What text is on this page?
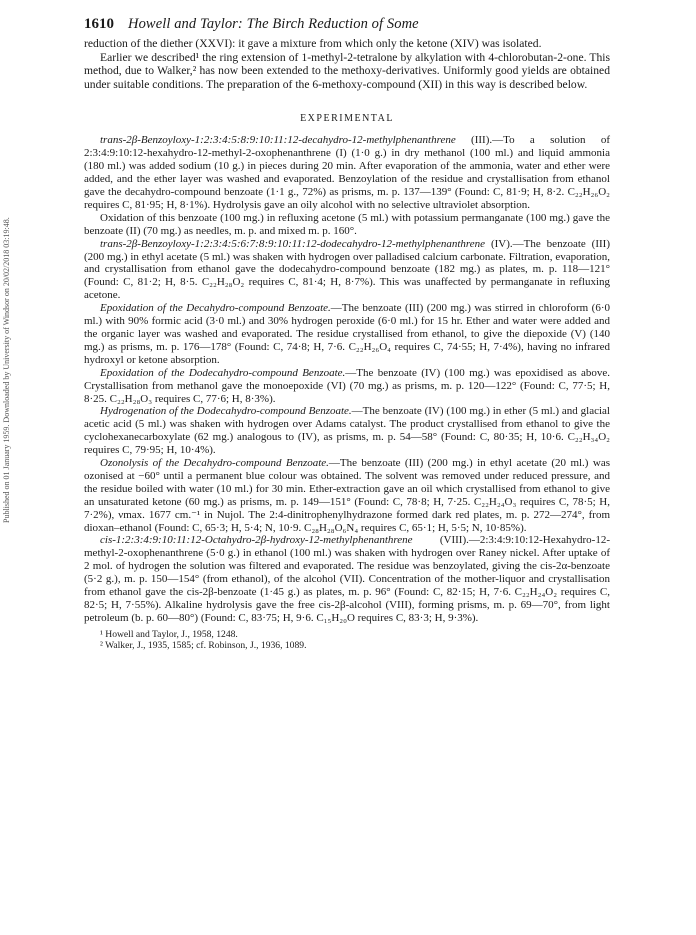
Published on 01 January 1959. Downloaded by University of Windsor on 20/02/2018 03:19:48.
1610 Howell and Taylor: The Birch Reduction of Some

reduction of the diether (XXVI): it gave a mixture from which only the ketone (XIV) was isolated.

Earlier we described¹ the ring extension of 1-methyl-2-tetralone by alkylation with 4-chlorobutan-2-one. This method, due to Walker,² has now been extended to the methoxy-derivatives. Uniformly good yields are obtained under suitable conditions. The preparation of the 6-methoxy-compound (XII) in this way is described below.

EXPERIMENTAL

trans-2β-Benzoyloxy-1:2:3:4:5:8:9:10:11:12-decahydro-12-methylphenanthrene (III).—To a solution of 2:3:4:9:10:12-hexahydro-12-methyl-2-oxophenanthrene (I) (1·0 g.) in dry methanol (100 ml.) and liquid ammonia (180 ml.) was added sodium (10 g.) in pieces during 20 min. After evaporation of the ammonia, water and ether were added, and the ether layer was washed and evaporated. Benzoylation of the residue and crystallisation from ethanol gave the decahydro-compound benzoate (1·1 g., 72%) as prisms, m. p. 137—139° (Found: C, 81·9; H, 8·2. C₂₂H₂₆O₂ requires C, 81·95; H, 8·1%). Hydrolysis gave an oily alcohol with no selective ultraviolet absorption.

Oxidation of this benzoate (100 mg.) in refluxing acetone (5 ml.) with potassium permanganate (100 mg.) gave the benzoate (II) (70 mg.) as needles, m. p. and mixed m. p. 160°.

trans-2β-Benzoyloxy-1:2:3:4:5:6:7:8:9:10:11:12-dodecahydro-12-methylphenanthrene (IV).—The benzoate (III) (200 mg.) in ethyl acetate (5 ml.) was shaken with hydrogen over palladised calcium carbonate. Filtration, evaporation, and crystallisation from ethanol gave the dodecahydro-compound benzoate (182 mg.) as plates, m. p. 118—121° (Found: C, 81·2; H, 8·5. C₂₂H₂₈O₂ requires C, 81·4; H, 8·7%). This was unaffected by permanganate in refluxing acetone.

Epoxidation of the Decahydro-compound Benzoate.—The benzoate (III) (200 mg.) was stirred in chloroform (6·0 ml.) with 90% formic acid (3·0 ml.) and 30% hydrogen peroxide (6·0 ml.) for 15 hr. Ether and water were added and the organic layer was washed and evaporated. The residue crystallised from ethanol, to give the diepoxide (V) (140 mg.) as prisms, m. p. 176—178° (Found: C, 74·8; H, 7·6. C₂₂H₂₆O₄ requires C, 74·55; H, 7·4%), having no infrared hydroxyl or ketone absorption.

Epoxidation of the Dodecahydro-compound Benzoate.—The benzoate (IV) (100 mg.) was epoxidised as above. Crystallisation from methanol gave the monoepoxide (VI) (70 mg.) as prisms, m. p. 120—122° (Found: C, 77·5; H, 8·25. C₂₂H₂₈O₃ requires C, 77·6; H, 8·3%).

Hydrogenation of the Dodecahydro-compound Benzoate.—The benzoate (IV) (100 mg.) in ether (5 ml.) and glacial acetic acid (5 ml.) was shaken with hydrogen over Adams catalyst. The product crystallised from ethanol to give the cyclohexanecarboxylate (62 mg.) analogous to (IV), as prisms, m. p. 54—58° (Found: C, 80·35; H, 10·6. C₂₂H₃₄O₂ requires C, 79·95; H, 10·4%).

Ozonolysis of the Decahydro-compound Benzoate.—The benzoate (III) (200 mg.) in ethyl acetate (20 ml.) was ozonised at −60° until a permanent blue colour was obtained. The solvent was removed under reduced pressure, and the residue boiled with water (10 ml.) for 30 min. Ether-extraction gave an oil which crystallised from ethanol to give an unsaturated ketone (60 mg.) as prisms, m. p. 149—151° (Found: C, 78·8; H, 7·25. C₂₂H₂₄O₃ requires C, 78·5; H, 7·2%), νmax. 1677 cm.⁻¹ in Nujol. The 2:4-dinitrophenylhydrazone formed dark red plates, m. p. 272—274°, from dioxan–ethanol (Found: C, 65·3; H, 5·4; N, 10·9. C₂₈H₂₈O₆N₄ requires C, 65·1; H, 5·5; N, 10·85%).

cis-1:2:3:4:9:10:11:12-Octahydro-2β-hydroxy-12-methylphenanthrene (VIII).—2:3:4:9:10:12-Hexahydro-12-methyl-2-oxophenanthrene (5·0 g.) in ethanol (100 ml.) was shaken with hydrogen over Raney nickel. After uptake of 2 mol. of hydrogen the solution was filtered and evaporated. The residue was benzoylated, giving the cis-2α-benzoate (5·2 g.), m. p. 150—154° (from ethanol), of the alcohol (VII). Concentration of the mother-liquor and crystallisation from ethanol gave the cis-2β-benzoate (1·45 g.) as plates, m. p. 96° (Found: C, 82·15; H, 7·6. C₂₂H₂₄O₂ requires C, 82·5; H, 7·55%). Alkaline hydrolysis gave the free cis-2β-alcohol (VIII), forming prisms, m. p. 69—70°, from light petroleum (b. p. 60—80°) (Found: C, 83·75; H, 9·6. C₁₅H₂₀O requires C, 83·3; H, 9·3%).

¹ Howell and Taylor, J., 1958, 1248.
² Walker, J., 1935, 1585; cf. Robinson, J., 1936, 1089.
